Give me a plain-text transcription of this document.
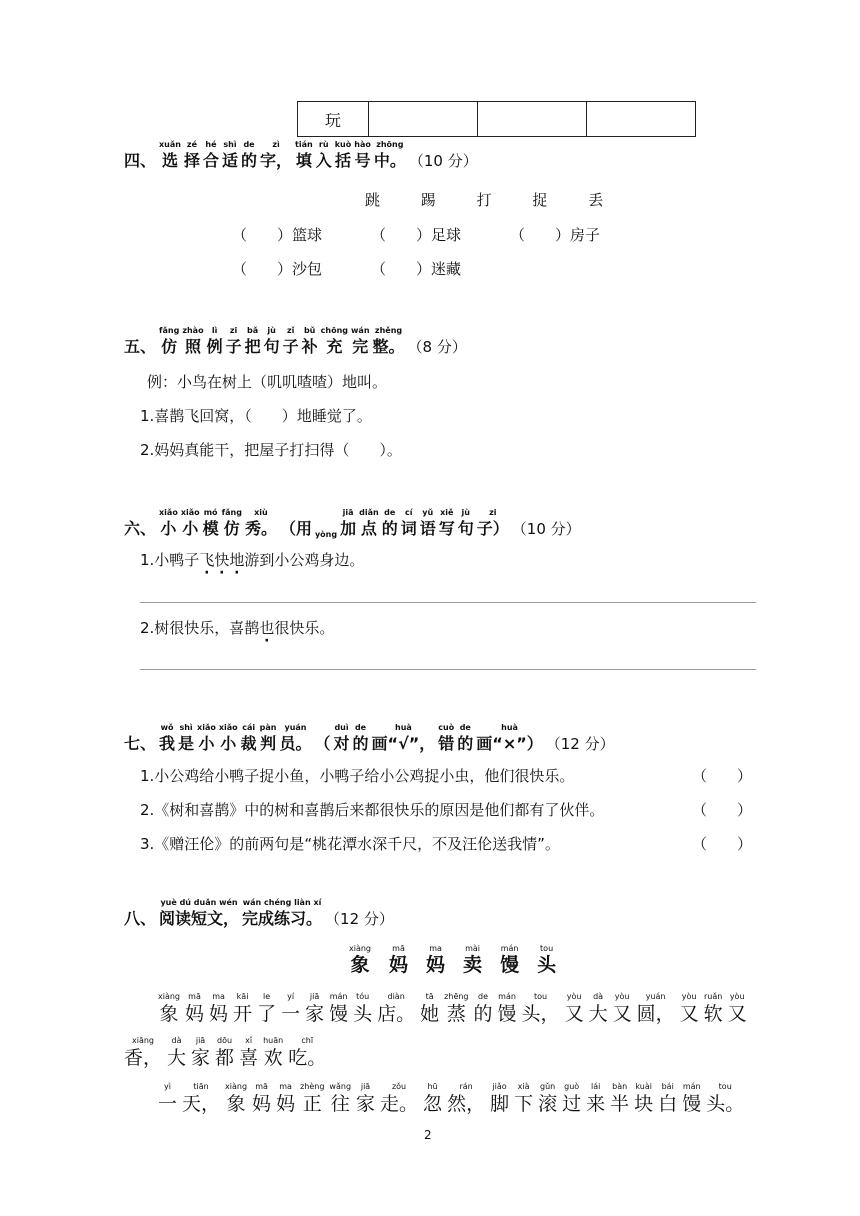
玩			
四、
xuǎn
选
zé
择
hé
合
shì
适
de
的
zì
字，
tián
填
rù
入
kuò
括
hào
号
zhōng
中。 （10 分）
跳	踢	打	捉	丢
（　　）篮球	（　　）足球	（　　）房子
（　　）沙包	（　　）迷藏
五、
fǎng
仿
zhào
照
lì
例
zi
子
bǎ
把
jù
句
zǐ
子
bǔ
补
chōng
充
wán
完
zhěng
整。 （8 分）
例：小鸟在树上（叽叽喳喳）地叫。
1.喜鹊飞回窝，（　　）地睡觉了。
2.妈妈真能干，把屋子打扫得（　　）。
六、
xiǎo
小
xiǎo
小
mó
模
fǎng
仿
xiù
秀。 （用 yòng
jiā
加
diǎn
点
de
的
cí
词
yǔ
语
xiě
写
jù
句
zi
子） （10 分）
1.小鸭子飞快地游到小公鸡身边。
2.树很快乐，喜鹊也很快乐。
七、
wǒ
我
shì
是
xiǎo
小
xiǎo
小
cái
裁
pàn
判
yuán
员。 （
duì
对
de
的
huà
画“√”，
cuò
错
de
的
huà
画“×”） （12 分）
1.小公鸡给小鸭子捉小鱼，小鸭子给小公鸡捉小虫，他们很快乐。	（　　）
2.《树和喜鹊》中的树和喜鹊后来都很快乐的原因是他们都有了伙伴。	（　　）
3.《赠汪伦》的前两句是“桃花潭水深千尺，不及汪伦送我情”。	（　　）
八、
yuè dú duǎn wén
阅读短文，
wán chéng liàn xí
完成练习。 （12 分）
xiàng
象
mā
妈
ma
妈
mài
卖
mán
馒
tou
头
xiàng
象
mā
妈
ma
妈
kāi
开
le
了
yí
一
jiā
家
mán
馒
tóu
头
diàn
店。
tā
她
zhēng
蒸
de
的
mán
馒
tou
头，
yòu
又
dà
大
yòu
又
yuán
圆，
yòu
又
ruǎn
软
yòu
又
xiāng
香，
dà
大
jiā
家
dōu
都
xǐ
喜
huān
欢
chī
吃。
yì
一
tiān
天，
xiàng
象
mā
妈
ma
妈
zhèng
正
wǎng
往
jiā
家
zǒu
走。
hū
忽
rán
然，
jiǎo
脚
xià
下
gǔn
滚
guò
过
lái
来
bàn
半
kuài
块
bái
白
mán
馒
tou
头。
2
